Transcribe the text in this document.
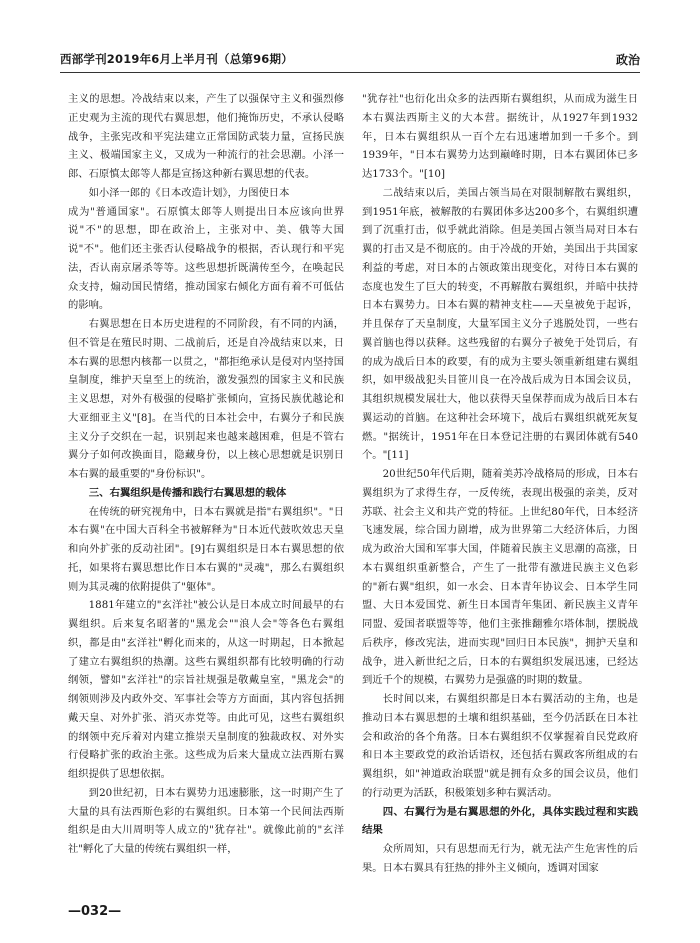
西部学刊2019年6月上半月刊（总第96期）	政治

主义的思想。冷战结束以来，产生了以强保守主义和强烈修正史观为主流的现代右翼思想，他们掩饰历史，不承认侵略战争，主张宪改和平宪法建立正常国防武装力量，宣扬民族主义、极端国家主义，又成为一种流行的社会思潮。小泽一郎、石原慎太郎等人都是宣扬这种新右翼思想的代表。

如小泽一郎的《日本改造计划》，力图使日本

成为"普通国家"。石原慎太郎等人则提出日本应该向世界说"不"的思想，即在政治上，主张对中、美、俄等大国说"不"。他们还主张否认侵略战争的根据，否认现行和平宪法，否认南京屠杀等等。这些思想折既满传至今，在唤起民众支持，煽动国民情绪，推动国家右倾化方面有着不可低估的影响。

右翼思想在日本历史进程的不同阶段，有不同的内涵，但不管是在殖民时期、二战前后，还是自冷战结束以来，日本右翼的思想内核都一以贯之，"都拒绝承认是侵对内坚持国皇制度，维护天皇至上的统治，激发强烈的国家主义和民族主义思想，对外有极强的侵略扩张倾向，宣扬民族优越论和大亚细亚主义"[8]。在当代的日本社会中，右翼分子和民族主义分子交织在一起，识别起来也越来越困难，但是不管右翼分子如何改换面目，隐藏身份，以上核心思想就是识别日本右翼的最重要的"身份标识"。

三、右翼组织是传播和践行右翼思想的载体

在传统的研究视角中，日本右翼就是指"右翼组织"。"日本右翼"在中国大百科全书被解释为"日本近代鼓吹效忠天皇和向外扩张的反动社团"。[9]右翼组织是日本右翼思想的依托，如果将右翼思想比作日本右翼的"灵魂"，那么右翼组织则为其灵魂的依附提供了"躯体"。

1881年建立的"玄洋社"被公认是日本成立时间最早的右翼组织。后来复名昭著的"黑龙会""浪人会"等各色右翼组织，都是由"玄洋社"孵化而来的，从这一时期起，日本掀起了建立右翼组织的热潮。这些右翼组织都有比较明确的行动纲领，譬如"玄洋社"的宗旨社规强是敬戴皇室，"黑龙会"的纲领则涉及内政外交、军事社会等方方面面，其内容包括拥戴天皇、对外扩张、消灭赤党等。由此可见，这些右翼组织的纲领中充斥着对内建立推崇天皇制度的独裁政权、对外实行侵略扩张的政治主张。这些成为后来大量成立法西斯右翼组织提供了思想依据。

到20世纪初，日本右翼势力迅速膨胀，这一时期产生了大量的具有法西斯色彩的右翼组织。日本第一个民间法西斯组织是由大川周明等人成立的"犹存社"。就像此前的"玄洋社"孵化了大量的传统右翼组织一样，

"犹存社"也衍化出众多的法西斯右翼组织，从而成为滋生日本右翼法西斯主义的大本营。据统计，从1927年到1932年，日本右翼组织从一百个左右迅速增加到一千多个。到1939年，"日本右翼势力达到巅峰时期，日本右翼团体已多达1733个。"[10]

二战结束以后，美国占领当局在对限制解散右翼组织，到1951年底，被解散的右翼团体多达200多个，右翼组织遭到了沉重打击，似乎就此消除。但是美国占领当局对日本右翼的打击又是不彻底的。由于冷战的开始，美国出于共国家利益的考虑，对日本的占领政策出现变化，对待日本右翼的态度也发生了巨大的转变，不再解散右翼组织，并暗中扶持日本右翼势力。日本右翼的精神支柱——天皇被免于起诉，并且保存了天皇制度，大量军国主义分子逃脱处罚，一些右翼首脑也得以获释。这些残留的右翼分子被免于处罚后，有的成为战后日本的政要，有的成为主要头领重新组建右翼组织，如甲级战犯头目笹川良一在冷战后成为日本国会议员，其组织规模发展壮大，他以获得天皇保荐而成为战后日本右翼运动的首脑。在这种社会环境下，战后右翼组织就死灰复燃。"据统计，1951年在日本登记注册的右翼团体就有540个。"[11]

20世纪50年代后期，随着美苏冷战格局的形成，日本右翼组织为了求得生存，一反传统，表现出极强的亲美，反对苏联、社会主义和共产党的特征。上世纪80年代，日本经济飞速发展，综合国力剧增，成为世界第二大经济体后，力图成为政治大国和军事大国，伴随着民族主义思潮的高涨，日本右翼组织重新整合，产生了一批带有激进民族主义色彩的"新右翼"组织，如一水会、日本青年协议会、日本学生同盟、大日本爱国党、新生日本国青年集团、新民族主义青年同盟、爱国者联盟等等，他们主张推翻雅尔塔体制，摆脱战后秩序，修改宪法，进而实现"回归日本民族"，拥护天皇和战争，进入新世纪之后，日本的右翼组织发展迅速，已经达到近千个的规模，右翼势力是强盛的时期的数量。

长时间以来，右翼组织都是日本右翼活动的主角，也是推动日本右翼思想的土壤和组织基础，至今仍活跃在日本社会和政治的各个角落。日本右翼组织不仅掌握着自民党政府和日本主要政党的政治话语权，还包括右翼政客所组成的右翼组织，如"神道政治联盟"就是拥有众多的国会议员，他们的行动更为活跃，积极策划多种右翼活动。

四、右翼行为是右翼思想的外化，具体实践过程和实践结果

众所周知，只有思想而无行为，就无法产生危害性的后果。日本右翼具有狂热的排外主义倾向，透调对国家

—032—
